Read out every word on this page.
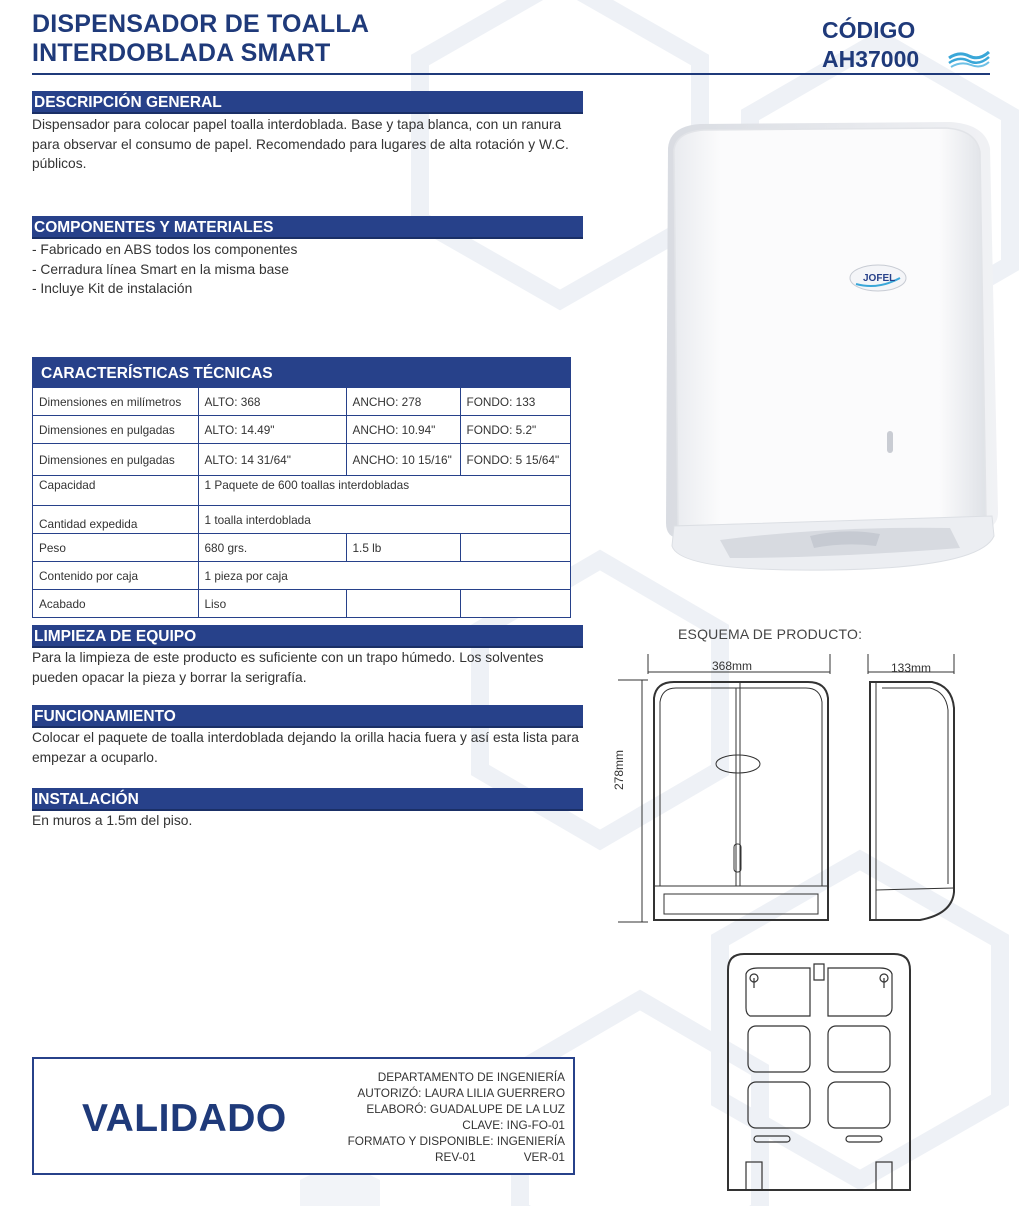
DISPENSADOR DE TOALLA
INTERDOBLADA SMART
CÓDIGO
AH37000
DESCRIPCIÓN GENERAL
Dispensador para colocar papel toalla interdoblada. Base y tapa blanca, con un ranura para observar el consumo de papel. Recomendado para lugares de alta rotación y W.C. públicos.
COMPONENTES Y MATERIALES
- Fabricado en ABS todos los componentes
- Cerradura línea Smart en la misma base
- Incluye Kit de instalación
CARACTERÍSTICAS TÉCNICAS
Dimensiones en milímetros	ALTO: 368	ANCHO: 278	FONDO: 133
Dimensiones en pulgadas	ALTO: 14.49"	ANCHO: 10.94"	FONDO: 5.2"
Dimensiones en pulgadas	ALTO: 14 31/64"	ANCHO: 10 15/16"	FONDO: 5 15/64"
Capacidad	1 Paquete de 600 toallas interdobladas		
Cantidad expedida	1 toalla interdoblada		
Peso	680 grs.	1.5 lb	
Contenido por caja	1 pieza por caja		
Acabado	Liso		
LIMPIEZA DE EQUIPO
Para la limpieza de este producto es suficiente con un trapo húmedo. Los solventes pueden opacar la pieza y borrar la serigrafía.
FUNCIONAMIENTO
Colocar el paquete de toalla interdoblada dejando la orilla hacia fuera y así esta lista para empezar a ocuparlo.
INSTALACIÓN
En muros a 1.5m del piso.
JOFEL
ESQUEMA DE PRODUCTO:
368mm
278mm
133mm
VALIDADO
DEPARTAMENTO DE INGENIERÍA
AUTORIZÓ: LAURA LILIA GUERRERO
ELABORÓ: GUADALUPE DE LA LUZ
CLAVE: ING-FO-01
FORMATO Y DISPONIBLE: INGENIERÍA
REV-01	VER-01
